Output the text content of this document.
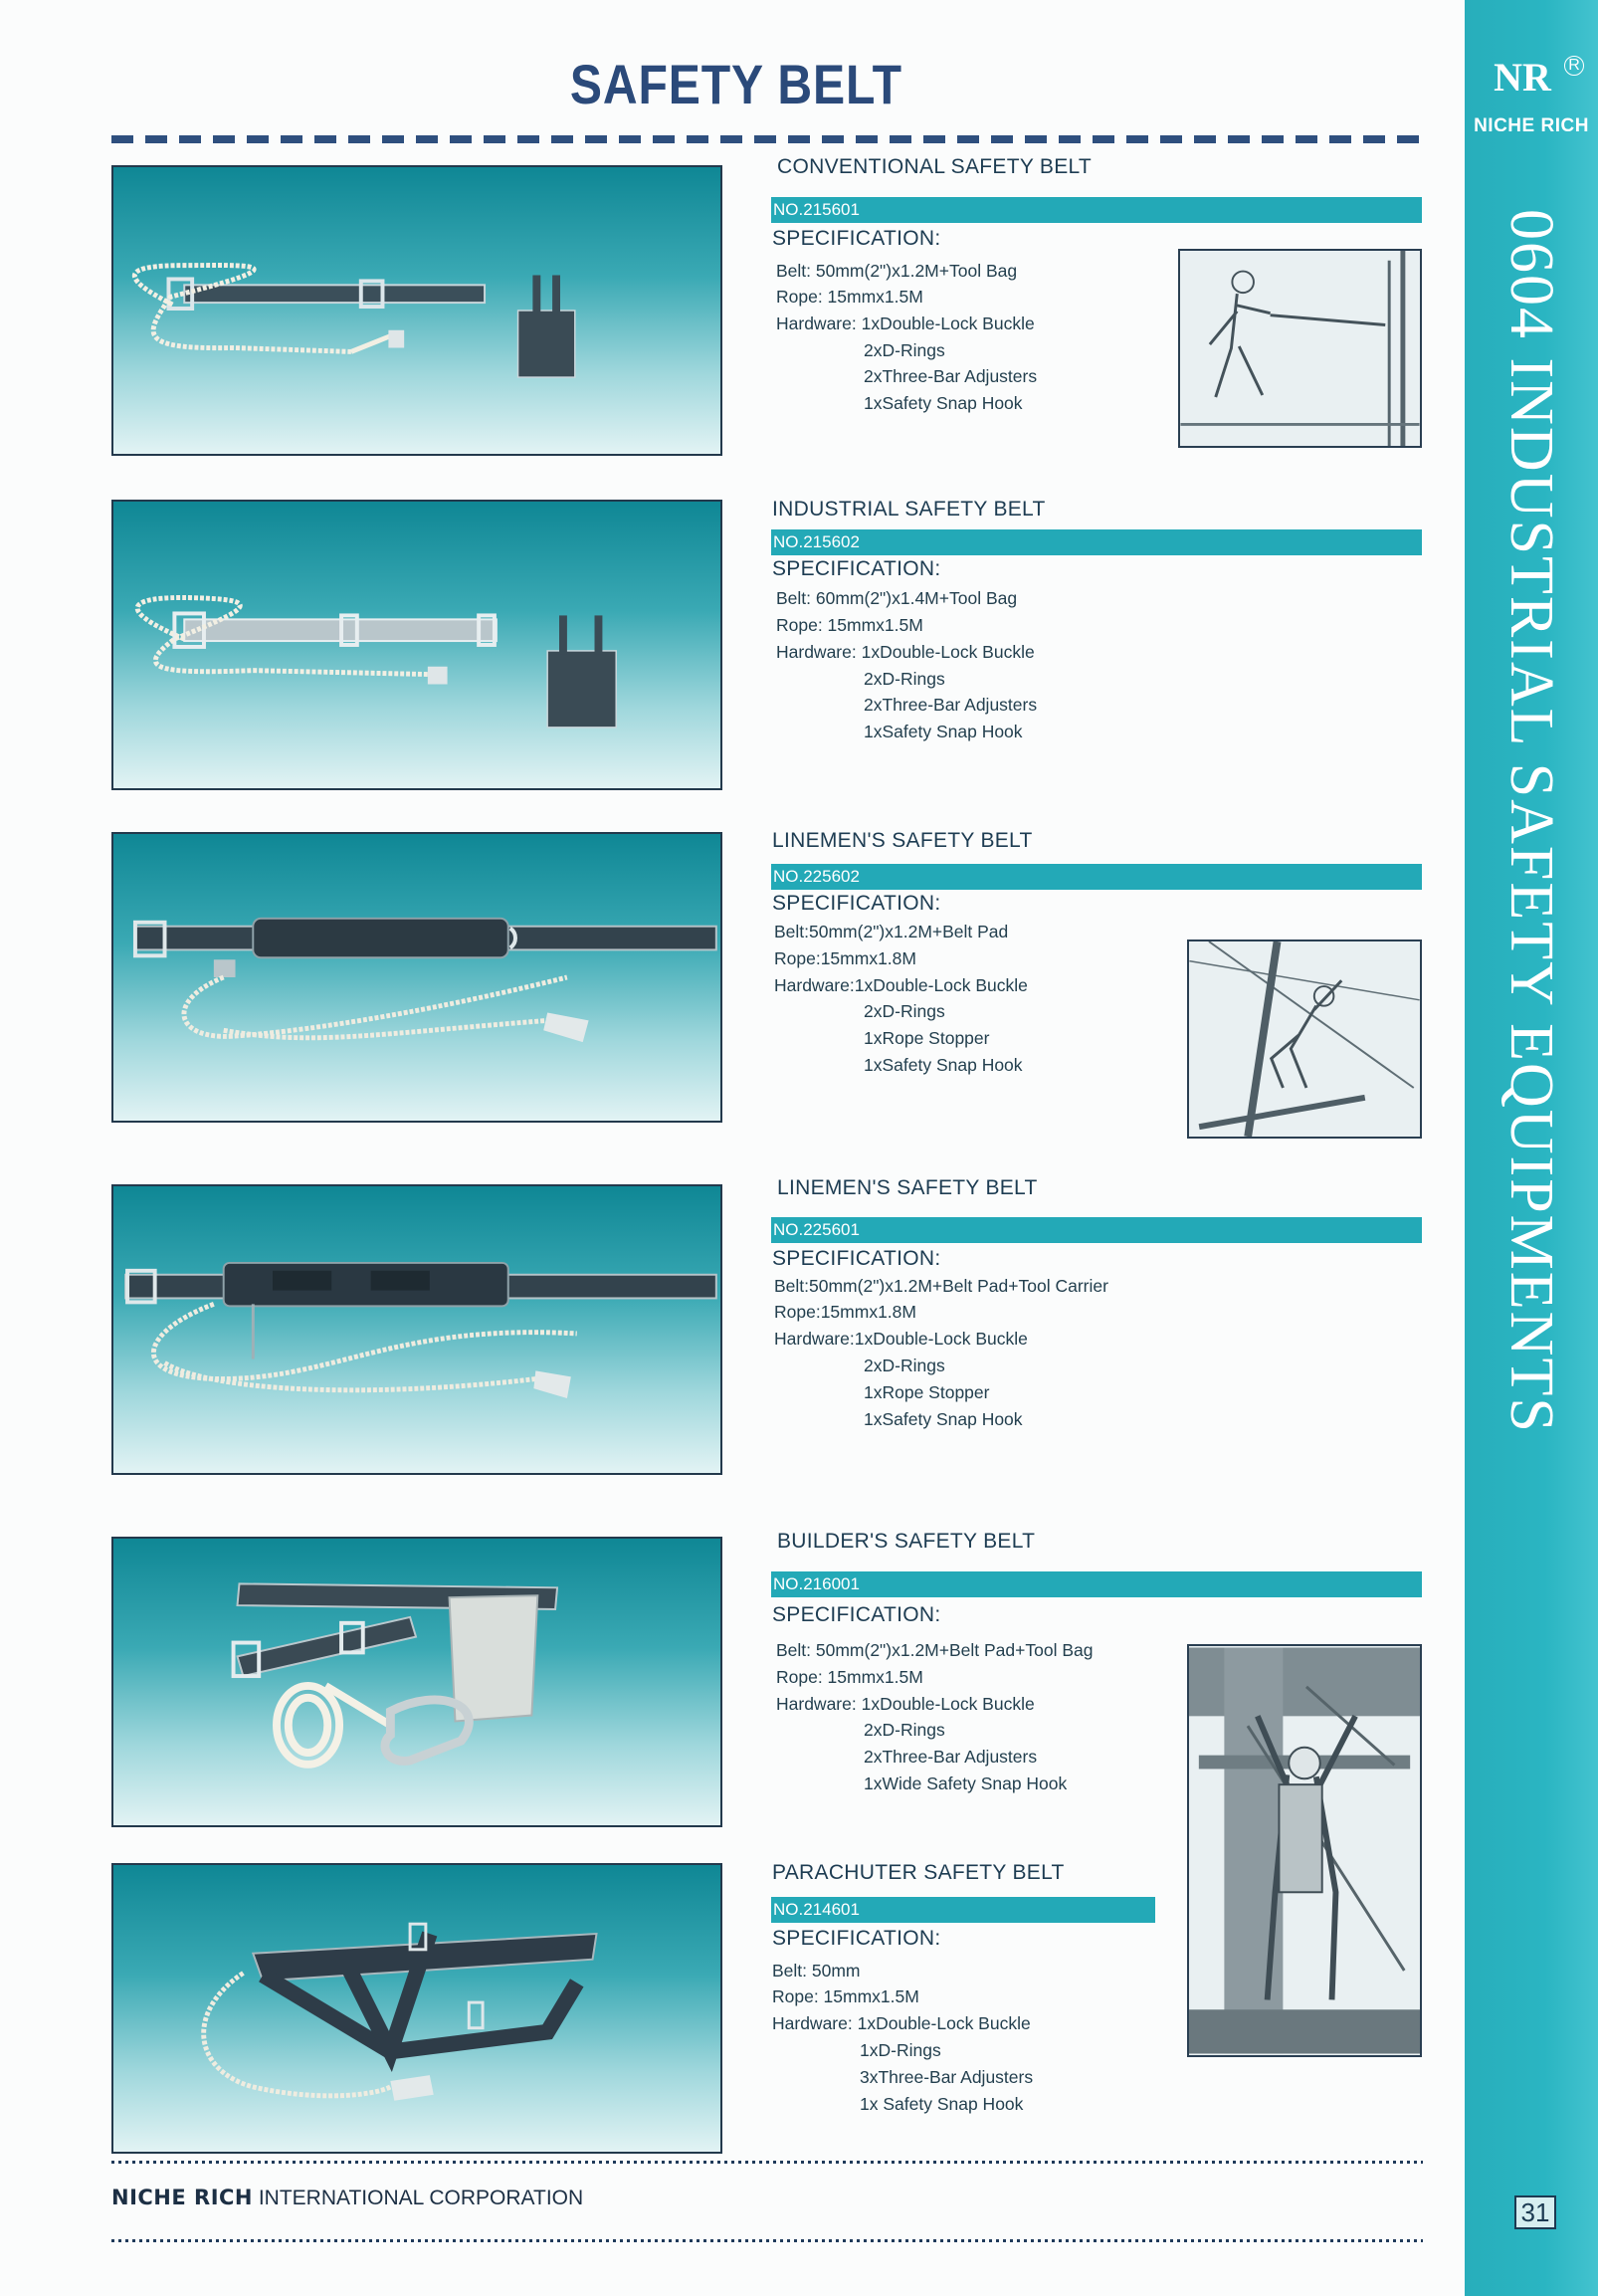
SAFETY BELT	NR R
NICHE RICH
0604 INDUSTRIAL SAFETY EQUIPMENTS
31
CONVENTIONAL SAFETY BELT
NO.215601
SPECIFICATION:
Belt: 50mm(2")x1.2M+Tool Bag
Rope: 15mmx1.5M
Hardware: 1xDouble-Lock Buckle
2xD-Rings
2xThree-Bar Adjusters
1xSafety Snap Hook
INDUSTRIAL SAFETY BELT
NO.215602
SPECIFICATION:
Belt: 60mm(2")x1.4M+Tool Bag
Rope: 15mmx1.5M
Hardware: 1xDouble-Lock Buckle
2xD-Rings
2xThree-Bar Adjusters
1xSafety Snap Hook
LINEMEN'S SAFETY BELT
NO.225602
SPECIFICATION:
Belt:50mm(2")x1.2M+Belt Pad
Rope:15mmx1.8M
Hardware:1xDouble-Lock Buckle
2xD-Rings
1xRope Stopper
1xSafety Snap Hook
LINEMEN'S SAFETY BELT
NO.225601
SPECIFICATION:
Belt:50mm(2")x1.2M+Belt Pad+Tool Carrier
Rope:15mmx1.8M
Hardware:1xDouble-Lock Buckle
2xD-Rings
1xRope Stopper
1xSafety Snap Hook
BUILDER'S SAFETY BELT
NO.216001
SPECIFICATION:
Belt: 50mm(2")x1.2M+Belt Pad+Tool Bag
Rope: 15mmx1.5M
Hardware: 1xDouble-Lock Buckle
2xD-Rings
2xThree-Bar Adjusters
1xWide Safety Snap Hook
PARACHUTER SAFETY BELT
NO.214601
SPECIFICATION:
Belt: 50mm
Rope: 15mmx1.5M
Hardware: 1xDouble-Lock Buckle
1xD-Rings
3xThree-Bar Adjusters
1x Safety Snap Hook
NICHE RICH INTERNATIONAL CORPORATION
